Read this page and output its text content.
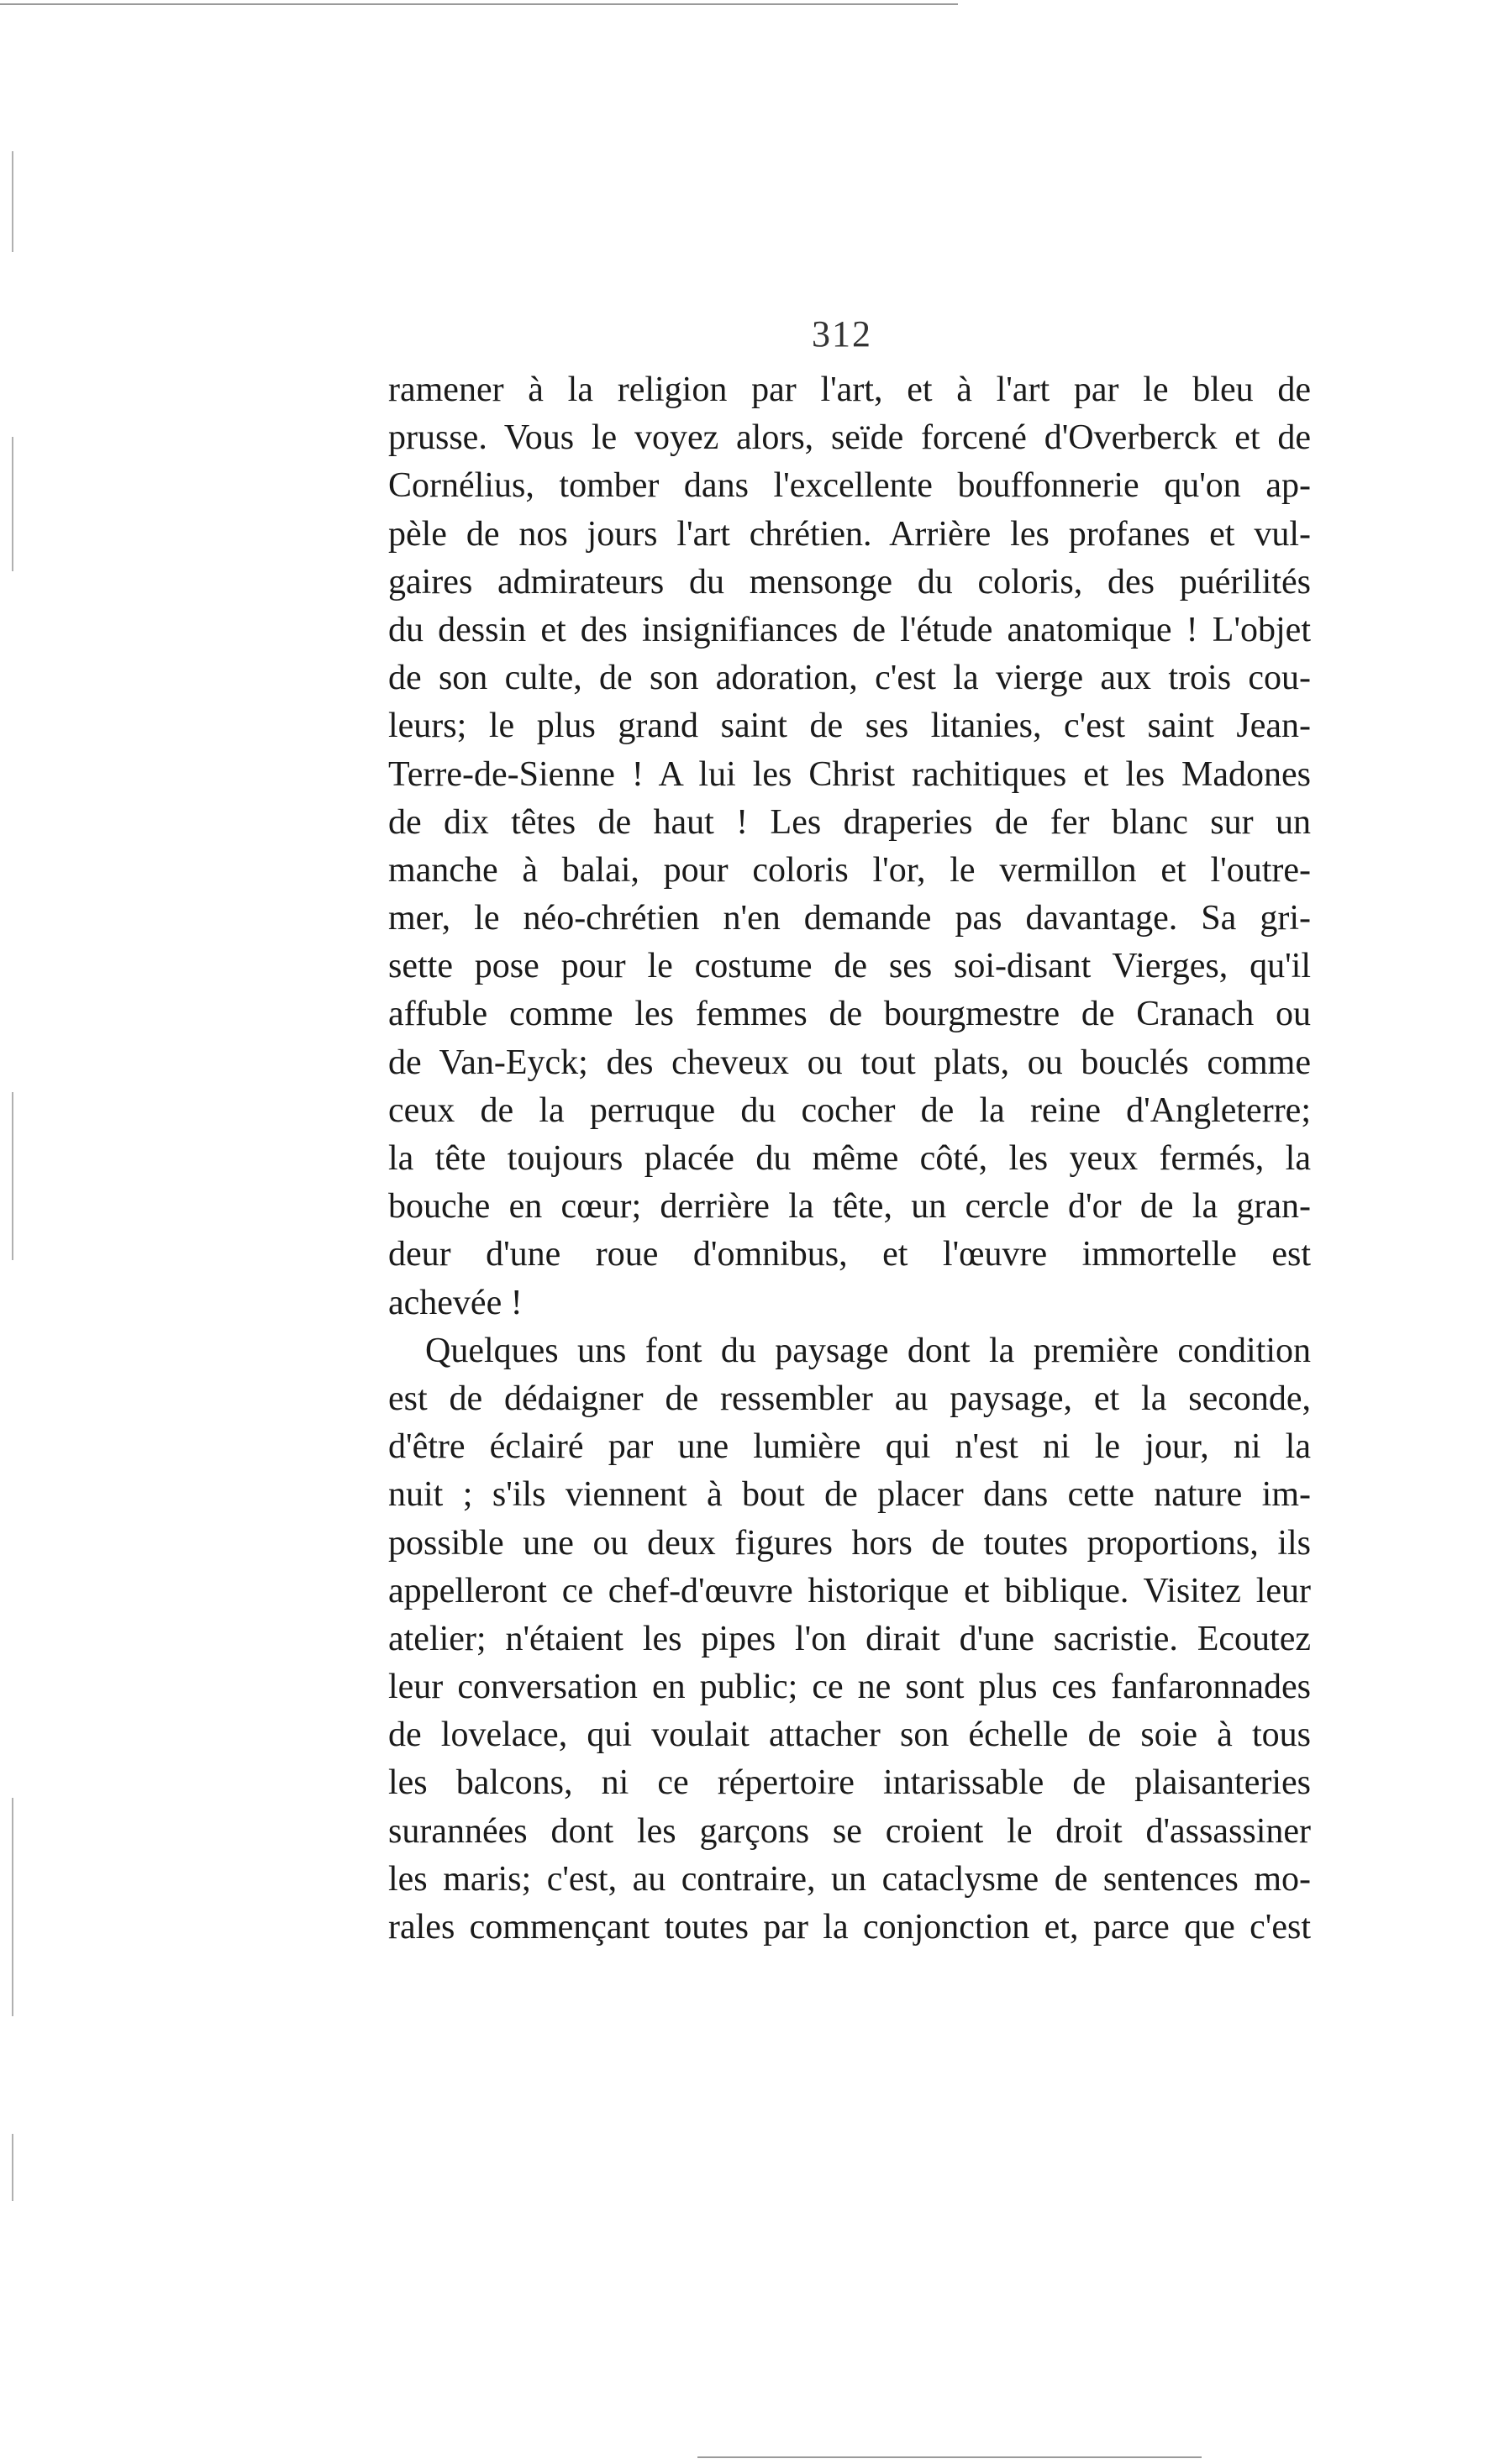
312
ramener à la religion par l'art, et à l'art par le bleu de
prusse. Vous le voyez alors, seïde forcené d'Overberck et de
Cornélius, tomber dans l'excellente bouffonnerie qu'on ap-
pèle de nos jours l'art chrétien. Arrière les profanes et vul-
gaires admirateurs du mensonge du coloris, des puérilités
du dessin et des insignifiances de l'étude anatomique ! L'objet
de son culte, de son adoration, c'est la vierge aux trois cou-
leurs; le plus grand saint de ses litanies, c'est saint Jean-
Terre-de-Sienne ! A lui les Christ rachitiques et les Madones
de dix têtes de haut ! Les draperies de fer blanc sur un
manche à balai, pour coloris l'or, le vermillon et l'outre-
mer, le néo-chrétien n'en demande pas davantage. Sa gri-
sette pose pour le costume de ses soi-disant Vierges, qu'il
affuble comme les femmes de bourgmestre de Cranach ou
de Van-Eyck; des cheveux ou tout plats, ou bouclés comme
ceux de la perruque du cocher de la reine d'Angleterre;
la tête toujours placée du même côté, les yeux fermés, la
bouche en cœur; derrière la tête, un cercle d'or de la gran-
deur d'une roue d'omnibus, et l'œuvre immortelle est
achevée !
Quelques uns font du paysage dont la première condition
est de dédaigner de ressembler au paysage, et la seconde,
d'être éclairé par une lumière qui n'est ni le jour, ni la
nuit ; s'ils viennent à bout de placer dans cette nature im-
possible une ou deux figures hors de toutes proportions, ils
appelleront ce chef-d'œuvre historique et biblique. Visitez leur
atelier; n'étaient les pipes l'on dirait d'une sacristie. Ecoutez
leur conversation en public; ce ne sont plus ces fanfaronnades
de lovelace, qui voulait attacher son échelle de soie à tous
les balcons, ni ce répertoire intarissable de plaisanteries
surannées dont les garçons se croient le droit d'assassiner
les maris; c'est, au contraire, un cataclysme de sentences mo-
rales commençant toutes par la conjonction et, parce que c'est
